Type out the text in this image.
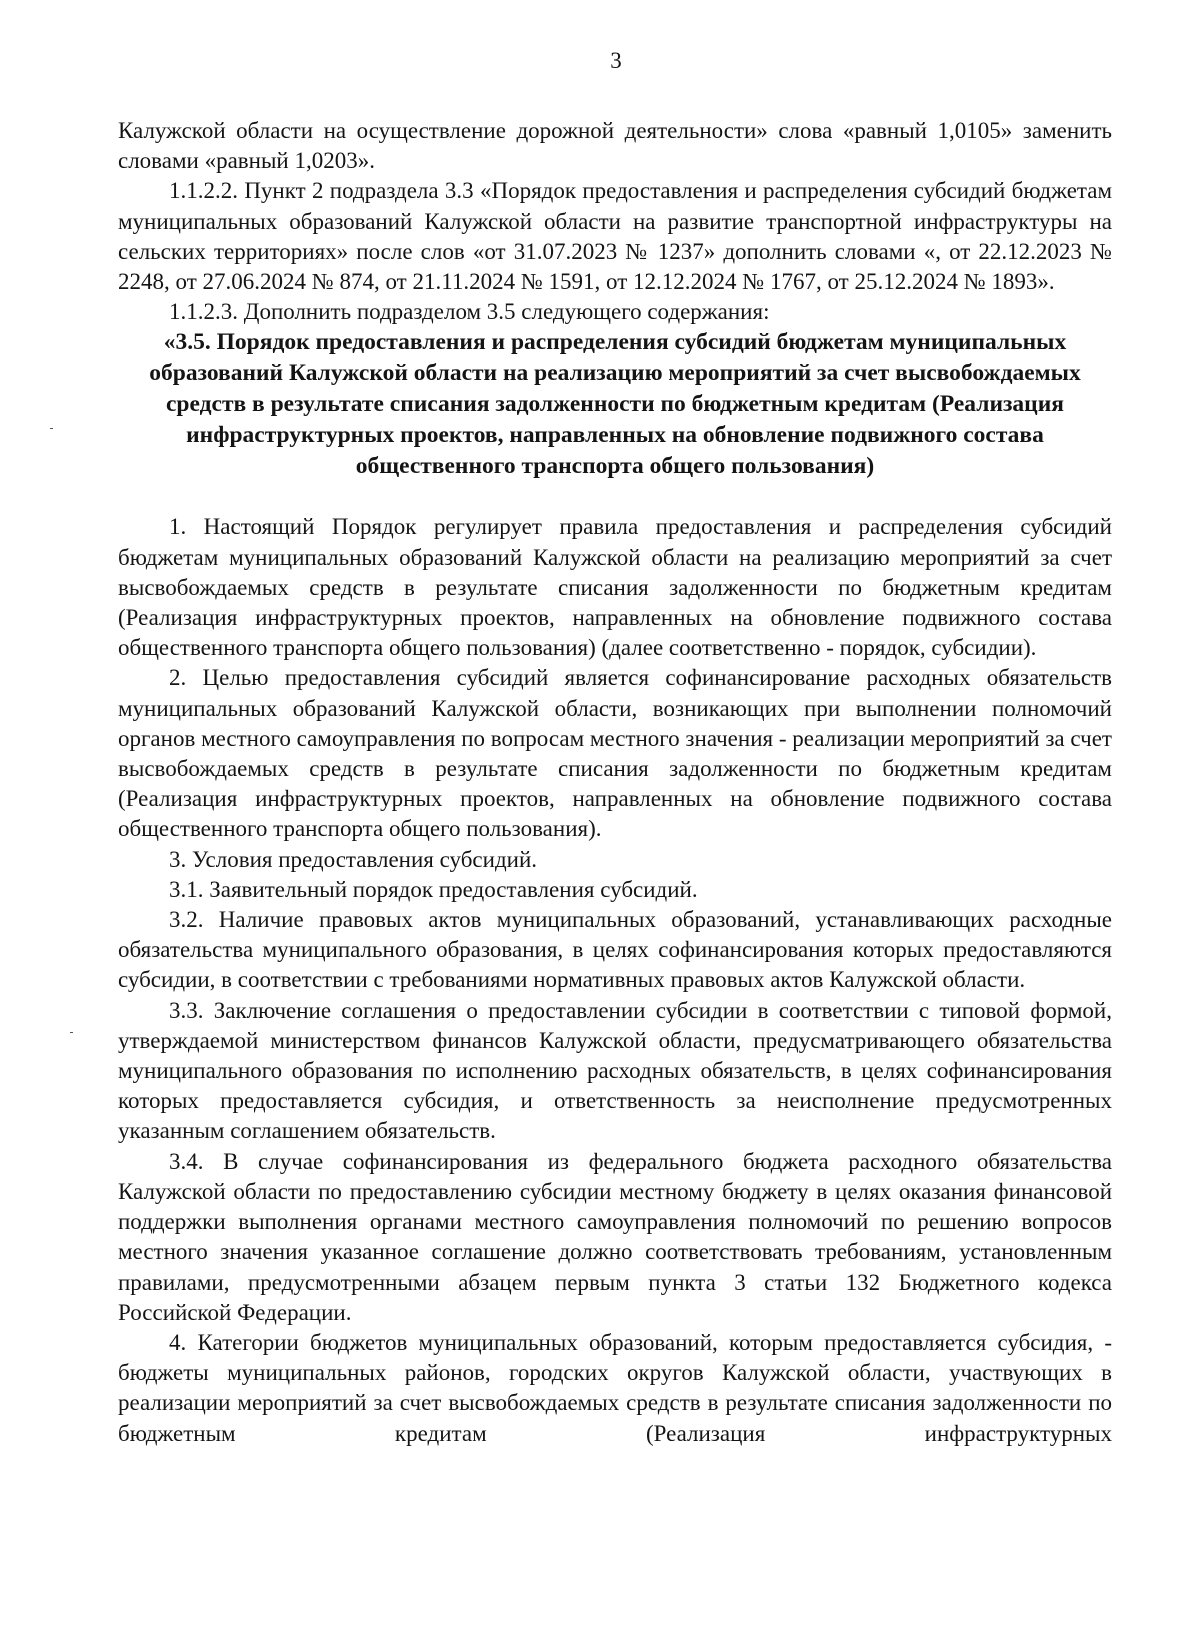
3

Калужской области на осуществление дорожной деятельности» слова «равный 1,0105» заменить словами «равный 1,0203».

1.1.2.2. Пункт 2 подраздела 3.3 «Порядок предоставления и распределения субсидий бюджетам муниципальных образований Калужской области на развитие транспортной инфраструктуры на сельских территориях» после слов «от 31.07.2023 № 1237» дополнить словами «, от 22.12.2023 № 2248, от 27.06.2024 № 874, от 21.11.2024 № 1591, от 12.12.2024 № 1767, от 25.12.2024 № 1893».

1.1.2.3. Дополнить подразделом 3.5 следующего содержания:

«3.5. Порядок предоставления и распределения субсидий бюджетам муниципальных образований Калужской области на реализацию мероприятий за счет высвобождаемых средств в результате списания задолженности по бюджетным кредитам (Реализация инфраструктурных проектов, направленных на обновление подвижного состава общественного транспорта общего пользования)

1. Настоящий Порядок регулирует правила предоставления и распределения субсидий бюджетам муниципальных образований Калужской области на реализацию мероприятий за счет высвобождаемых средств в результате списания задолженности по бюджетным кредитам (Реализация инфраструктурных проектов, направленных на обновление подвижного состава общественного транспорта общего пользования) (далее соответственно - порядок, субсидии).

2. Целью предоставления субсидий является софинансирование расходных обязательств муниципальных образований Калужской области, возникающих при выполнении полномочий органов местного самоуправления по вопросам местного значения - реализации мероприятий за счет высвобождаемых средств в результате списания задолженности по бюджетным кредитам (Реализация инфраструктурных проектов, направленных на обновление подвижного состава общественного транспорта общего пользования).

3. Условия предоставления субсидий.

3.1. Заявительный порядок предоставления субсидий.

3.2. Наличие правовых актов муниципальных образований, устанавливающих расходные обязательства муниципального образования, в целях софинансирования которых предоставляются субсидии, в соответствии с требованиями нормативных правовых актов Калужской области.

3.3. Заключение соглашения о предоставлении субсидии в соответствии с типовой формой, утверждаемой министерством финансов Калужской области, предусматривающего обязательства муниципального образования по исполнению расходных обязательств, в целях софинансирования которых предоставляется субсидия, и ответственность за неисполнение предусмотренных указанным соглашением обязательств.

3.4. В случае софинансирования из федерального бюджета расходного обязательства Калужской области по предоставлению субсидии местному бюджету в целях оказания финансовой поддержки выполнения органами местного самоуправления полномочий по решению вопросов местного значения указанное соглашение должно соответствовать требованиям, установленным правилами, предусмотренными абзацем первым пункта 3 статьи 132 Бюджетного кодекса Российской Федерации.

4. Категории бюджетов муниципальных образований, которым предоставляется субсидия, - бюджеты муниципальных районов, городских округов Калужской области, участвующих в реализации мероприятий за счет высвобождаемых средств в результате списания задолженности по бюджетным кредитам (Реализация инфраструктурных
